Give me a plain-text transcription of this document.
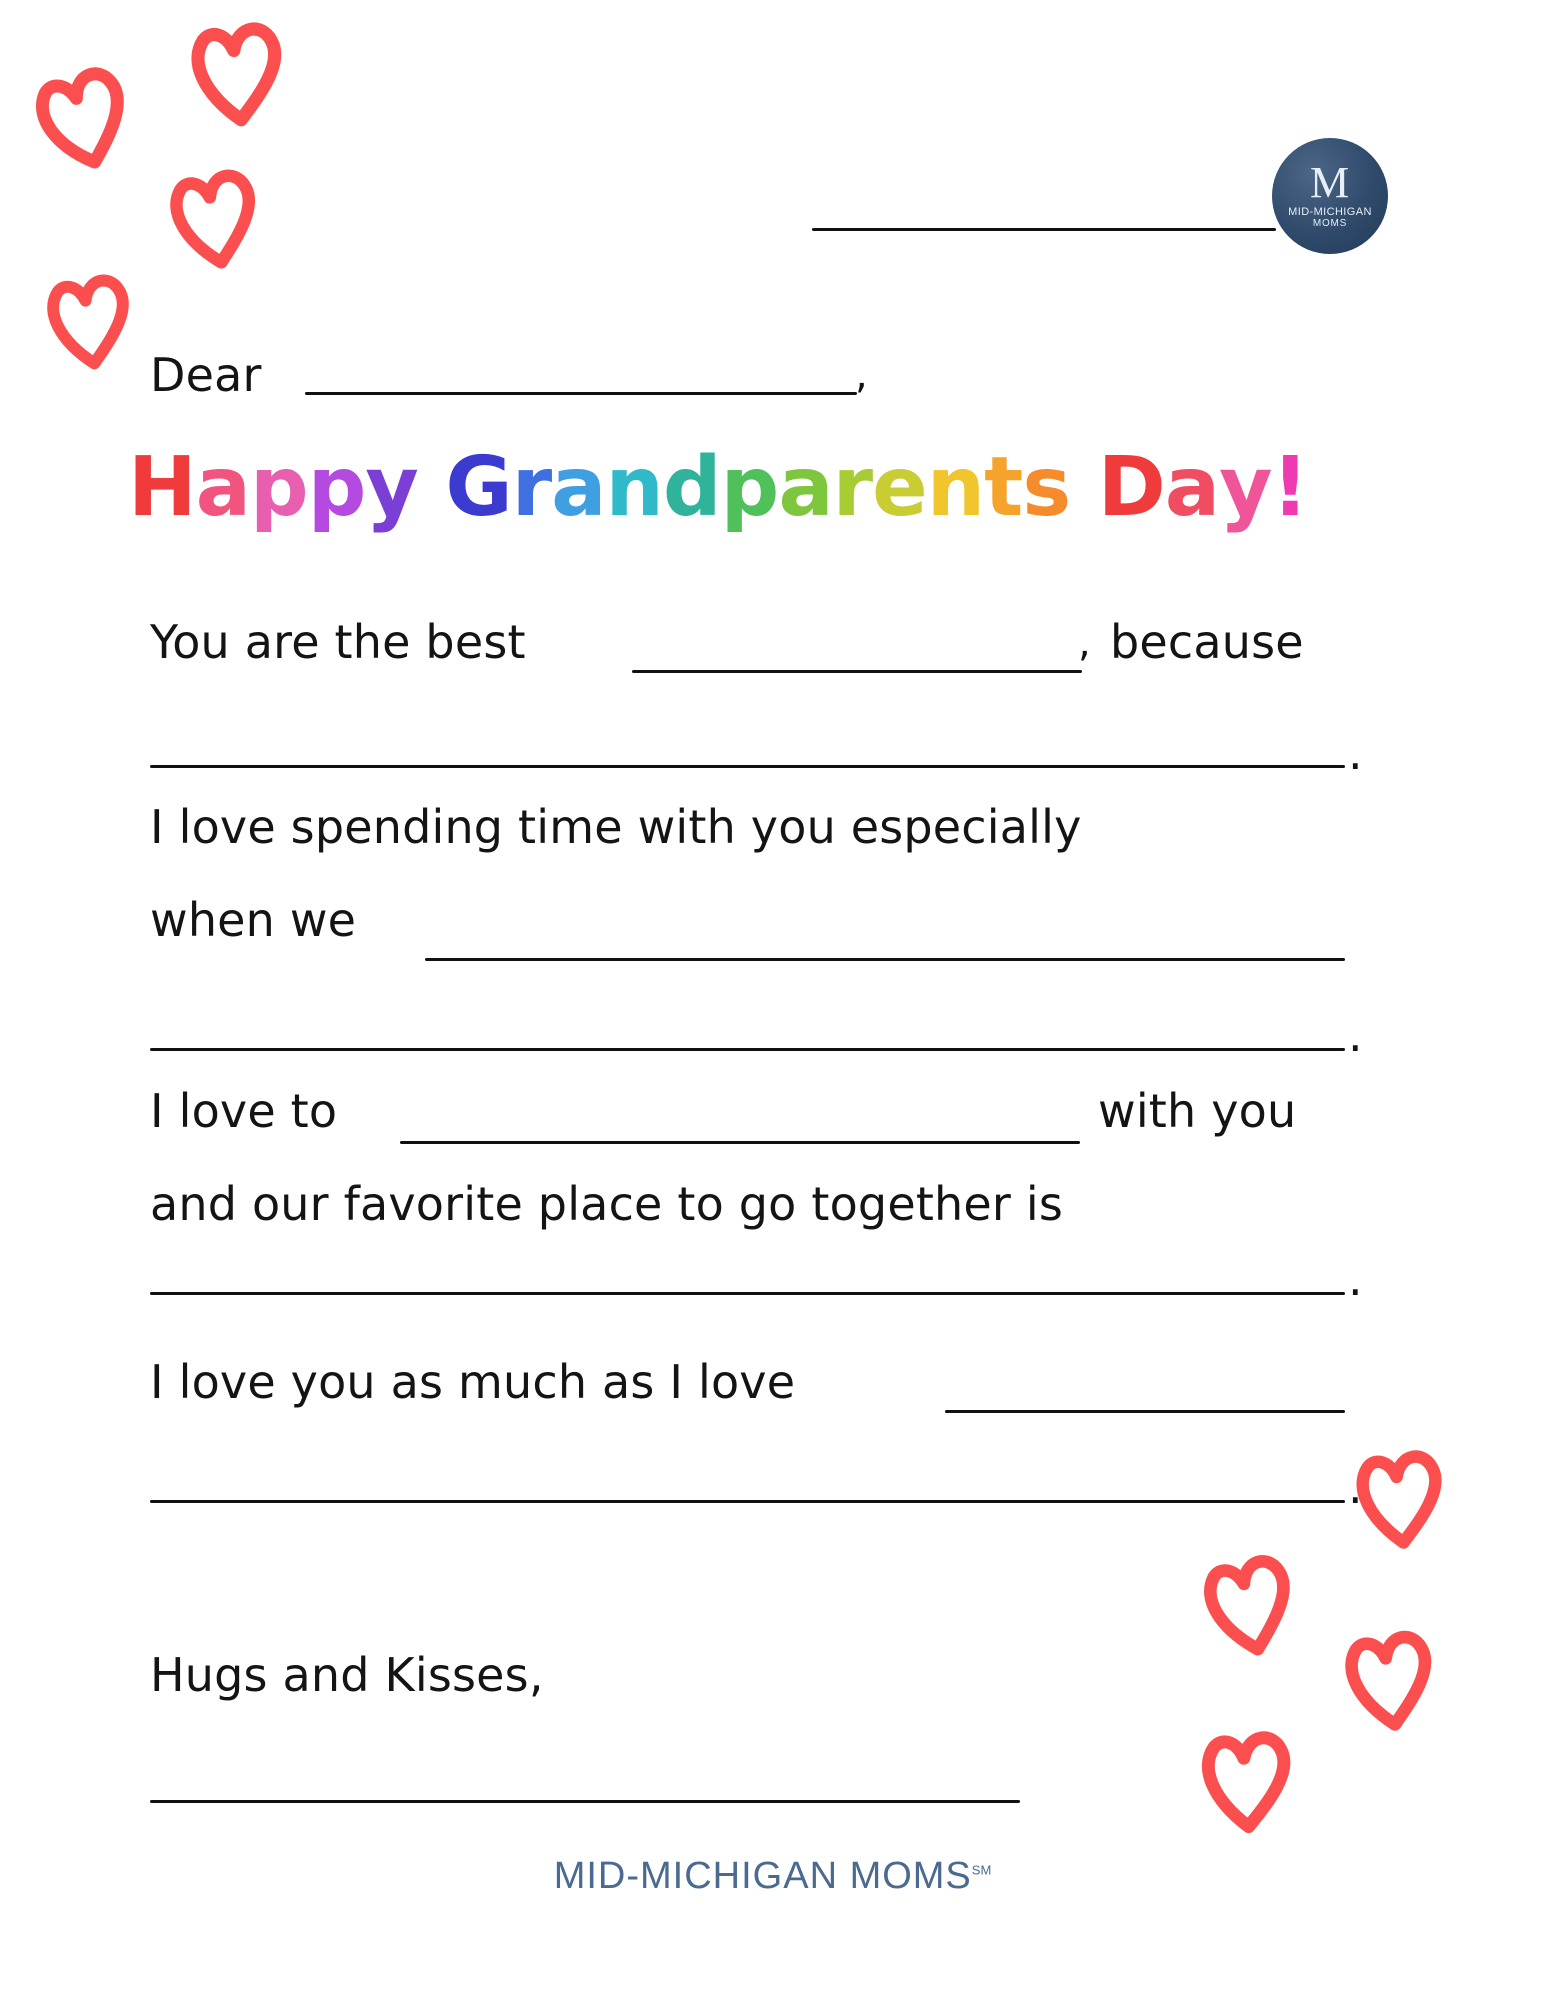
M
MID-MICHIGAN
MOMS
Dear	,
Happy Grandparents Day!
You are the best	, because
.
I love spending time with you especially
when we
.
I love to	with you
and our favorite place to go together is
.
I love you as much as I love
.
Hugs and Kisses,
MID-MICHIGAN MOMS℠
